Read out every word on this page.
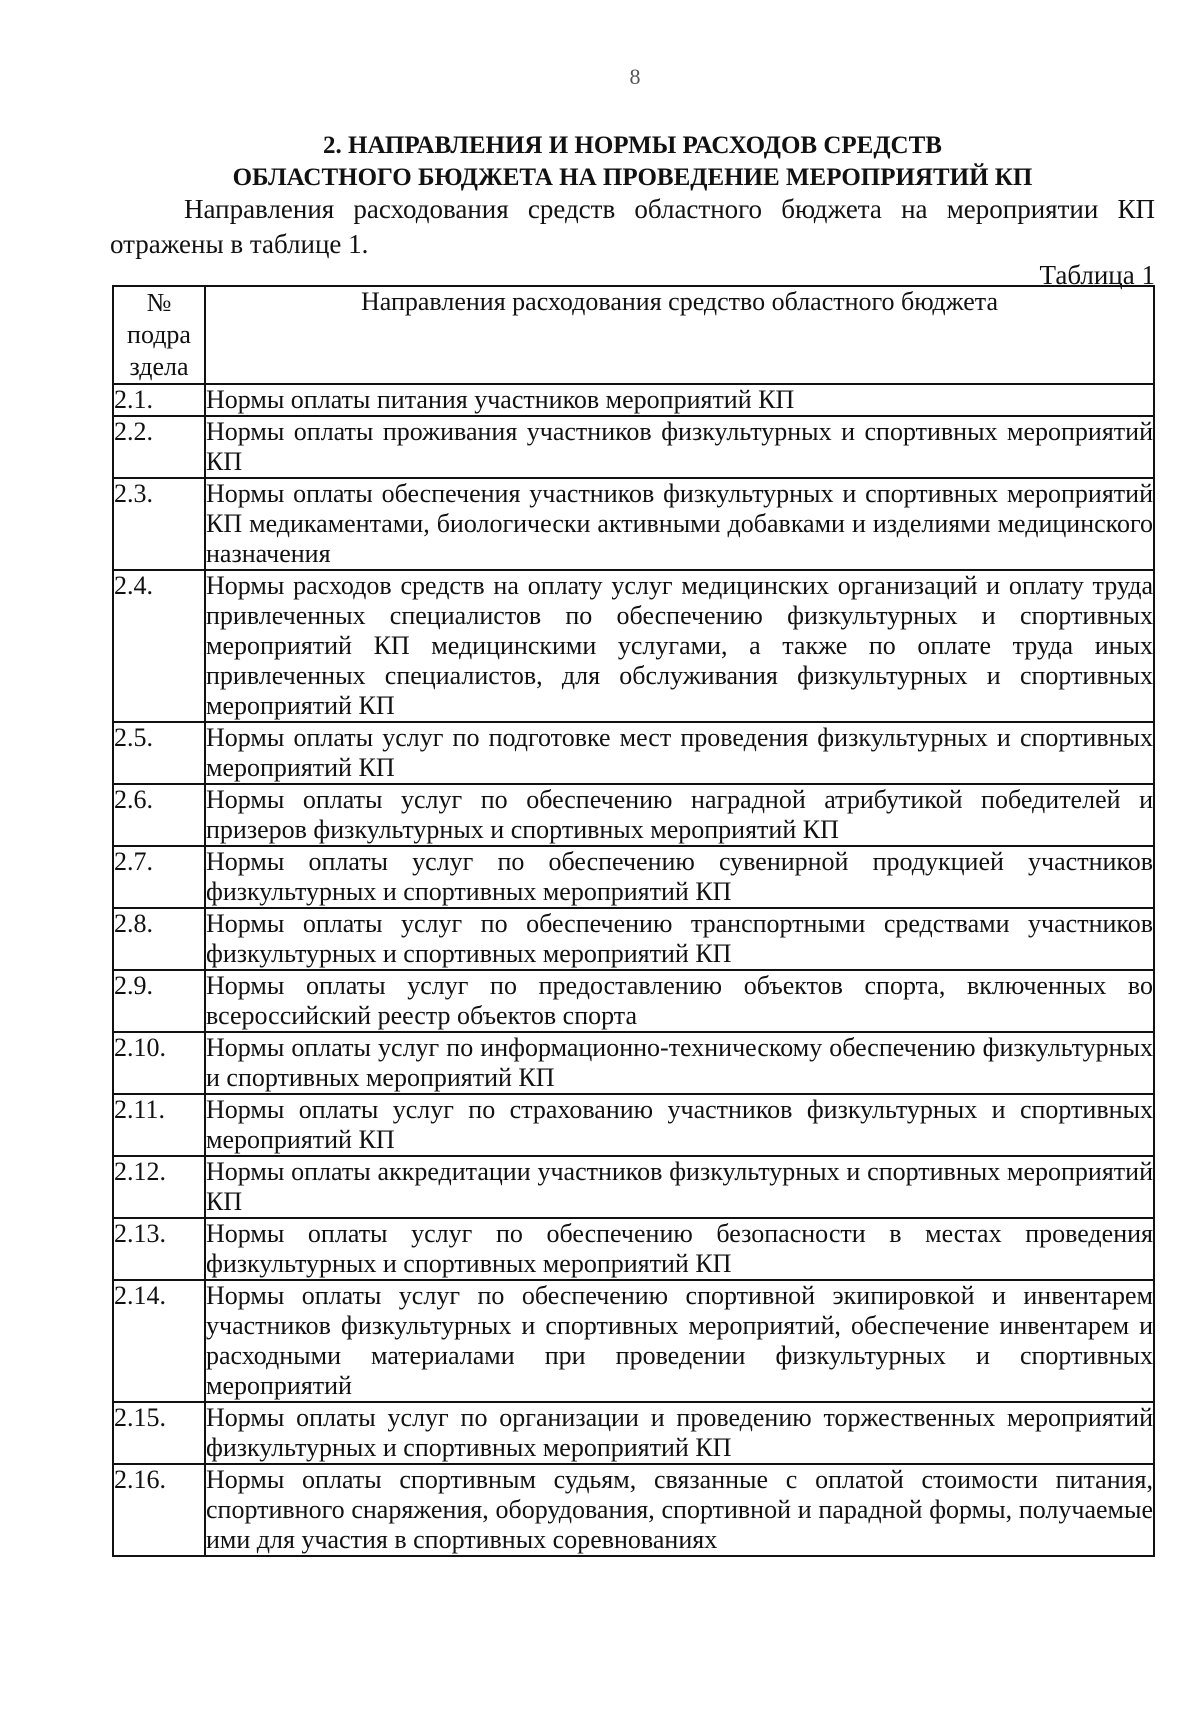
8
2. НАПРАВЛЕНИЯ И НОРМЫ РАСХОДОВ СРЕДСТВ
ОБЛАСТНОГО БЮДЖЕТА НА ПРОВЕДЕНИЕ МЕРОПРИЯТИЙ КП
Направления расходования средств областного бюджета на мероприятии КП отражены в таблице 1.
Таблица 1
№ подра здела	Направления расходования средство областного бюджета
2.1.	Нормы оплаты питания участников мероприятий КП
2.2.	Нормы оплаты проживания участников физкультурных и спортивных мероприятий КП
2.3.	Нормы оплаты обеспечения участников физкультурных и спортивных мероприятий КП медикаментами, биологически активными добавками и изделиями медицинского назначения
2.4.	Нормы расходов средств на оплату услуг медицинских организаций и оплату труда привлеченных специалистов по обеспечению физкультурных и спортивных мероприятий КП медицинскими услугами, а также по оплате труда иных привлеченных специалистов, для обслуживания физкультурных и спортивных мероприятий КП
2.5.	Нормы оплаты услуг по подготовке мест проведения физкультурных и спортивных мероприятий КП
2.6.	Нормы оплаты услуг по обеспечению наградной атрибутикой победителей и призеров физкультурных и спортивных мероприятий КП
2.7.	Нормы оплаты услуг по обеспечению сувенирной продукцией участников физкультурных и спортивных мероприятий КП
2.8.	Нормы оплаты услуг по обеспечению транспортными средствами участников физкультурных и спортивных мероприятий КП
2.9.	Нормы оплаты услуг по предоставлению объектов спорта, включенных во всероссийский реестр объектов спорта
2.10.	Нормы оплаты услуг по информационно-техническому обеспечению физкультурных и спортивных мероприятий КП
2.11.	Нормы оплаты услуг по страхованию участников физкультурных и спортивных мероприятий КП
2.12.	Нормы оплаты аккредитации участников физкультурных и спортивных мероприятий КП
2.13.	Нормы оплаты услуг по обеспечению безопасности в местах проведения физкультурных и спортивных мероприятий КП
2.14.	Нормы оплаты услуг по обеспечению спортивной экипировкой и инвентарем участников физкультурных и спортивных мероприятий, обеспечение инвентарем и расходными материалами при проведении физкультурных и спортивных мероприятий
2.15.	Нормы оплаты услуг по организации и проведению торжественных мероприятий физкультурных и спортивных мероприятий КП
2.16.	Нормы оплаты спортивным судьям, связанные с оплатой стоимости питания, спортивного снаряжения, оборудования, спортивной и парадной формы, получаемые ими для участия в спортивных соревнованиях
